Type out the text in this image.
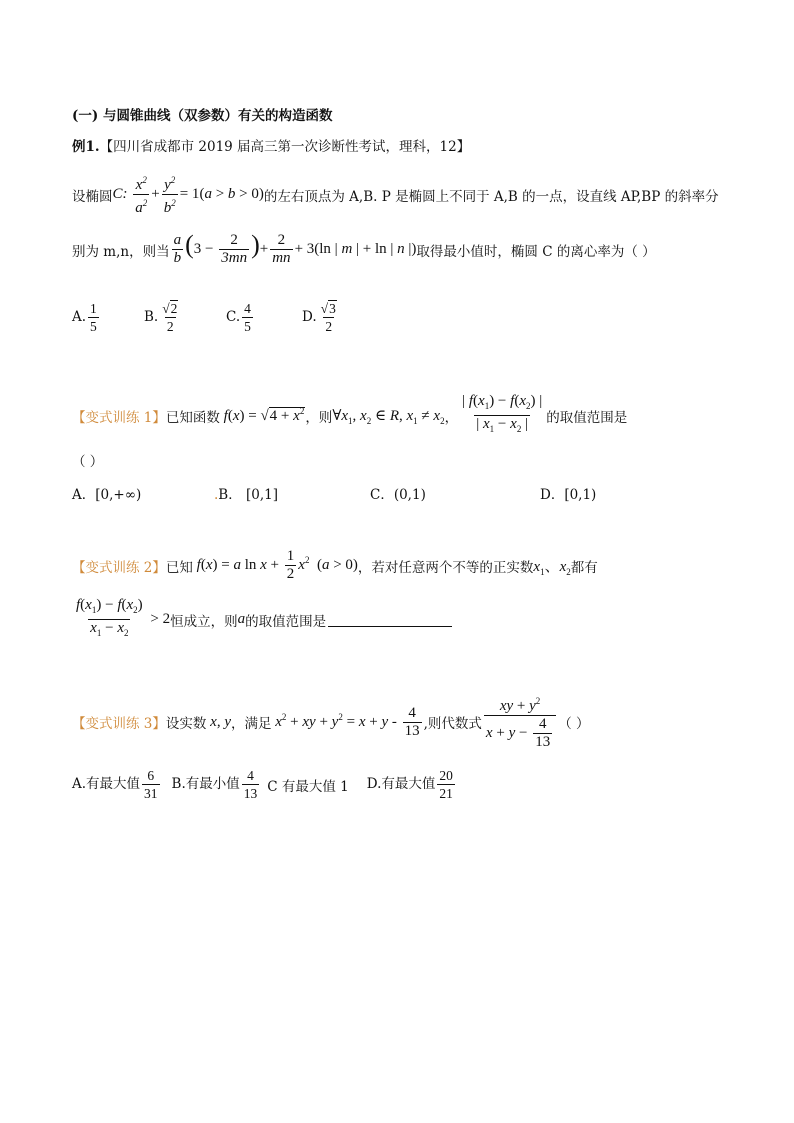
(一) 与圆锥曲线（双参数）有关的构造函数
例1. 【四川省成都市 2019 届高三第一次诊断性考试，理科，12】
设椭圆 C: $\frac{x^2}{a^2} + \frac{y^2}{b^2} = 1(a > b > 0)$ 的左右顶点为 A,B. P 是椭圆上不同于 A,B 的一点，设直线 AP,BP 的斜率分
别为 m,n，则当 $\frac{a}{b} (3 - \frac{2}{3mn}$ )+ $\frac{2}{mn} + 3(\ln$ | m | + ln | n |) 取得最小值时，椭圆 C 的离心率为（ ）
A. $\frac{1}{5}$	B. $\frac{√2}{2}$	C. $\frac{4}{5}$	D. $\frac{√3}{2}$
【变式训练 1】 已知函数 $f(x) = √4 + x^2$ ，则 $\forall x_1$, $x_2$ ∈ R, $x_1 \ne x_2$ ， $\frac{| f(x_1) - f(x_2) |}{| x_1 - x_2 |}$ 的取值范围是
（ ）
A．[0,+∞)	.B． [0,1]	C．(0,1)	D．[0,1)
【变式训练 2】 已知 f(x) = a $\ln x + \frac{1}{2} x^2$  (a > 0) ，若对任意两个不等的正实数 $x_1$、$x_2$ 都有
$\frac{f(x_1) - f(x_2)}{x_1 - x_2} > 2$ 恒成立，则 a 的取值范围是
【变式训练 3】 设实数 x, y ，满足 $x^2$ + xy + $y^2 = x + y - \frac{4}{13}$ ,则代数式 $\frac{xy + y^2}{x + y - \frac{4}{13}}$ （ ）
A.有最大值 $\frac{6}{31} B$.有最小值 $\frac{4}{13}$ C 有最大值 1 D.有最大值 $\frac{20}{21}$
